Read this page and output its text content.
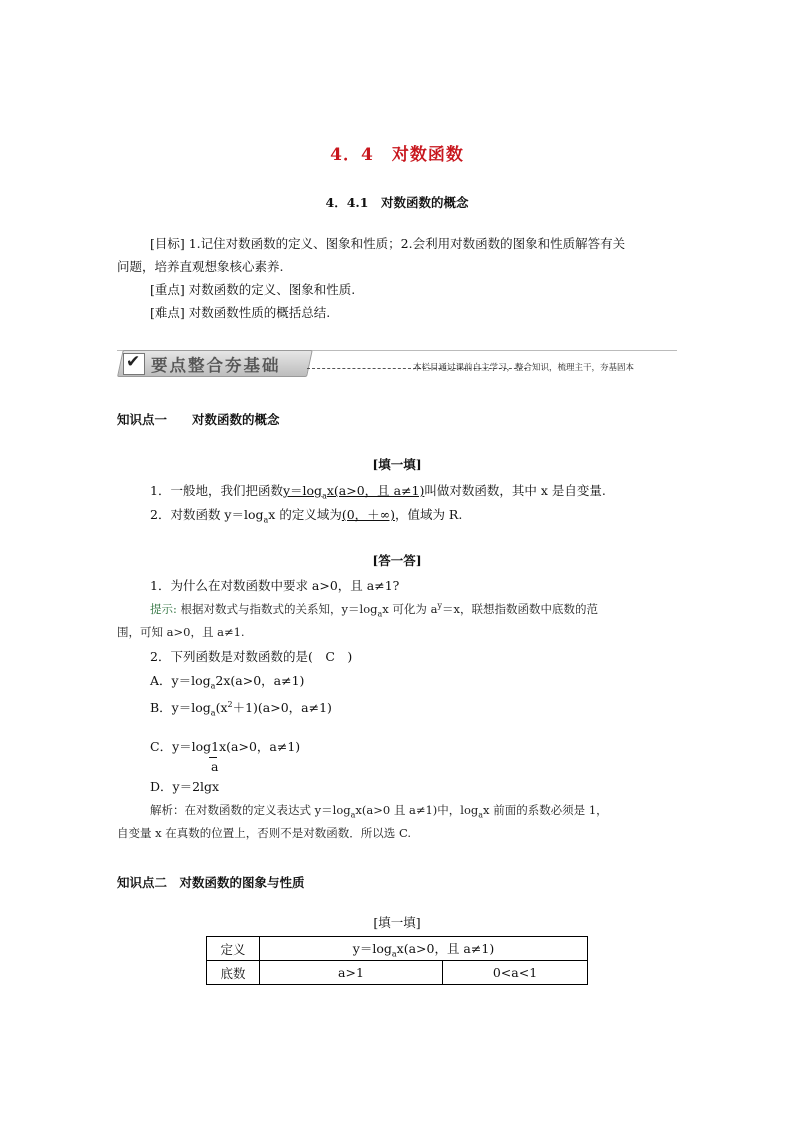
4．4　对数函数
4．4.1　对数函数的概念
[目标] 1.记住对数函数的定义、图象和性质；2.会利用对数函数的图象和性质解答有关
问题，培养直观想象核心素养.
[重点] 对数函数的定义、图象和性质.
[难点] 对数函数性质的概括总结.
✔ 要点整合夯基础	本栏目通过课前自主学习，整合知识，梳理主干，夯基固本
知识点一　　对数函数的概念
[填一填]
1．一般地，我们把函数$y=\log_ax(a>0$，且 a≠1)叫做对数函数，其中 x 是自变量.
2．对数函数 $y=\log_ax$ 的定义域为(0，＋∞)，值域为 R.
[答一答]
1．为什么在对数函数中要求 a>0，且 a≠1?
提示: 根据对数式与指数式的关系知，$y=\log_ax$ 可化为 $a^y=x$，联想指数函数中底数的范
围，可知 a>0，且 a≠1.
2．下列函数是对数函数的是(　C　)
A．$y=\log_a2x(a>0$，a≠1)
B．$y=\log_a(x^2+1)(a>0$，a≠1)
C．y＝log1x(a>0，a≠1)
a
D．y＝2lgx
解析：在对数函数的定义表达式 $y=\log_ax(a>0$ 且 a≠1)中，$\log_ax$ 前面的系数必须是 1，
自变量 x 在真数的位置上，否则不是对数函数．所以选 C.
知识点二　对数函数的图象与性质
[填一填]
定义	$y=\log_ax(a>0$，且 a≠1)	
底数	a>1	0<a<1
